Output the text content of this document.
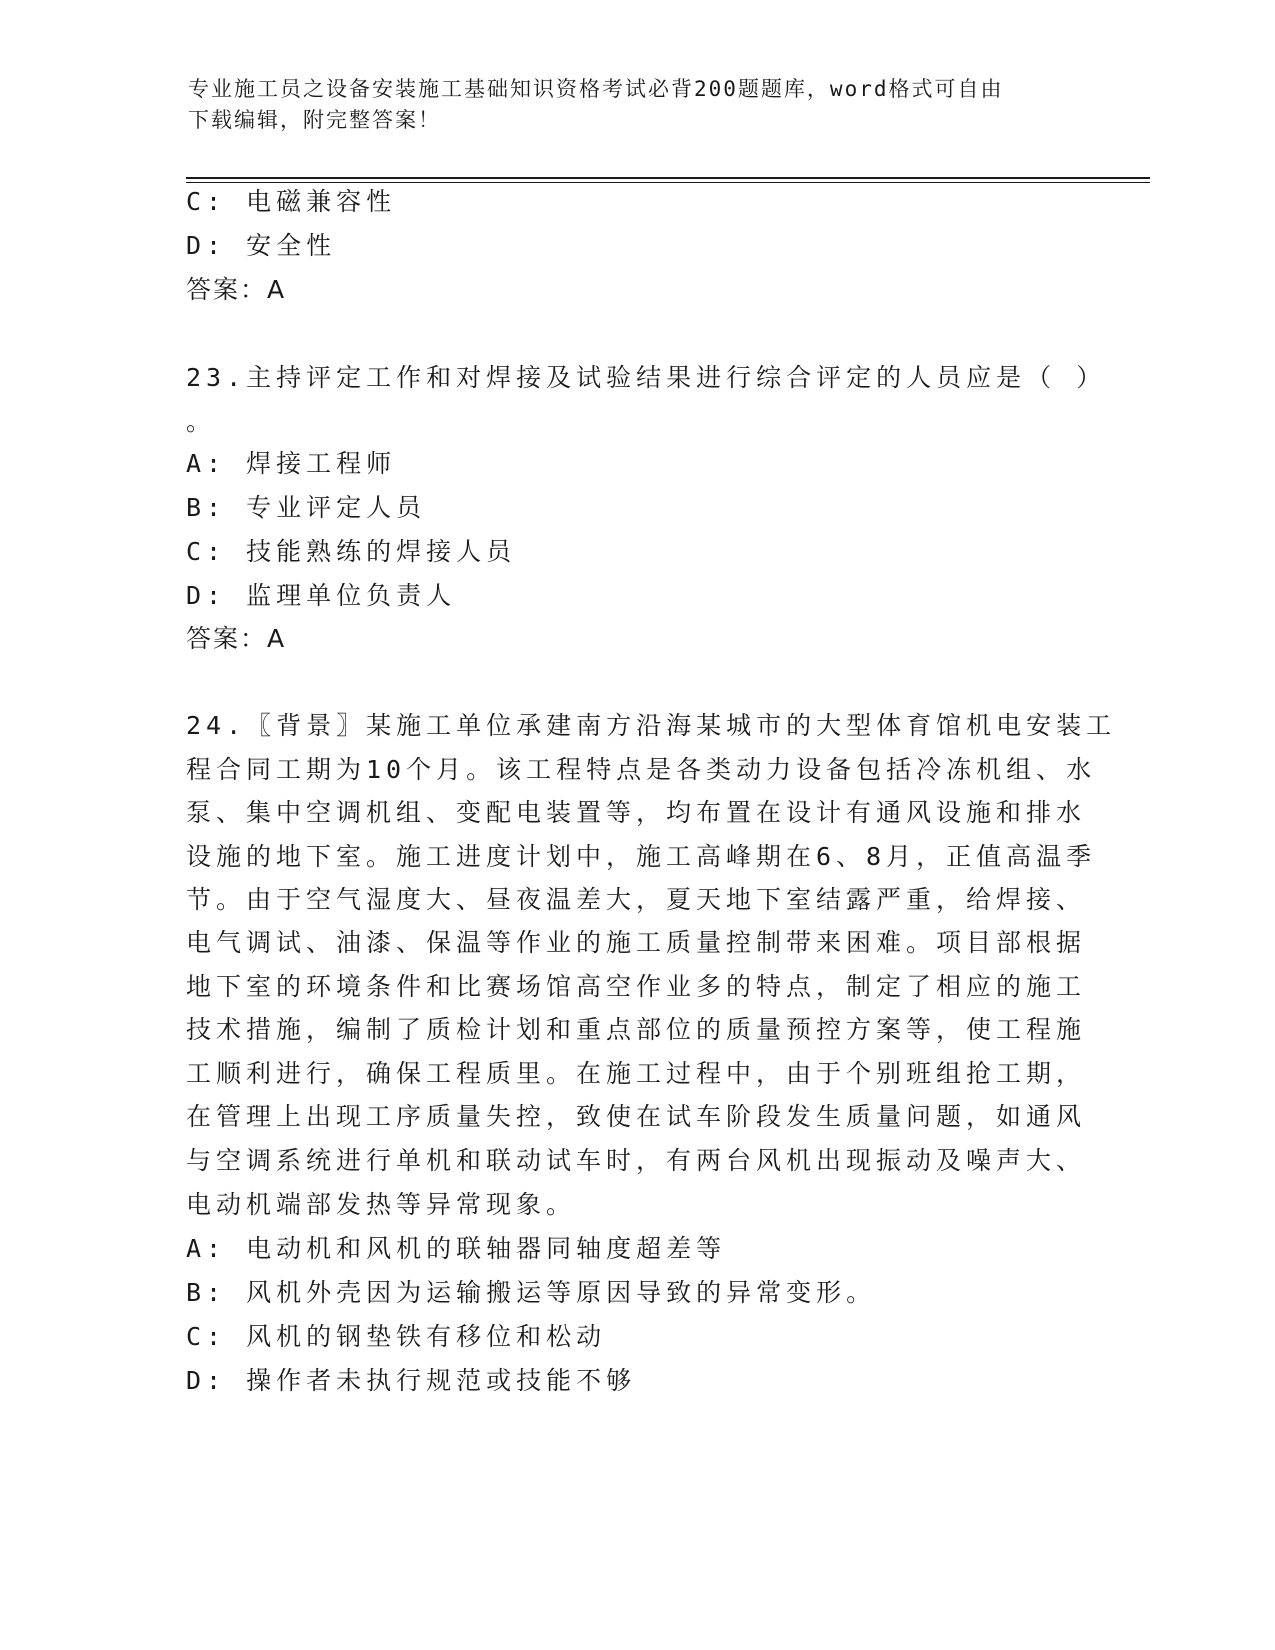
专业施工员之设备安装施工基础知识资格考试必背200题题库，word格式可自由
下载编辑，附完整答案！
C: 电磁兼容性
D: 安全性
答案：A
23.主持评定工作和对焊接及试验结果进行综合评定的人员应是（ ）
。
A: 焊接工程师
B: 专业评定人员
C: 技能熟练的焊接人员
D: 监理单位负责人
答案：A
24.〖背景〗某施工单位承建南方沿海某城市的大型体育馆机电安装工
程合同工期为10个月。该工程特点是各类动力设备包括冷冻机组、水
泵、集中空调机组、变配电装置等，均布置在设计有通风设施和排水
设施的地下室。施工进度计划中，施工高峰期在6、8月，正值高温季
节。由于空气湿度大、昼夜温差大，夏天地下室结露严重，给焊接、
电气调试、油漆、保温等作业的施工质量控制带来困难。项目部根据
地下室的环境条件和比赛场馆高空作业多的特点，制定了相应的施工
技术措施，编制了质检计划和重点部位的质量预控方案等，使工程施
工顺利进行，确保工程质里。在施工过程中，由于个别班组抢工期，
在管理上出现工序质量失控，致使在试车阶段发生质量问题，如通风
与空调系统进行单机和联动试车时，有两台风机出现振动及噪声大、
电动机端部发热等异常现象。
A: 电动机和风机的联轴器同轴度超差等
B: 风机外壳因为运输搬运等原因导致的异常变形。
C: 风机的钢垫铁有移位和松动
D: 操作者未执行规范或技能不够
